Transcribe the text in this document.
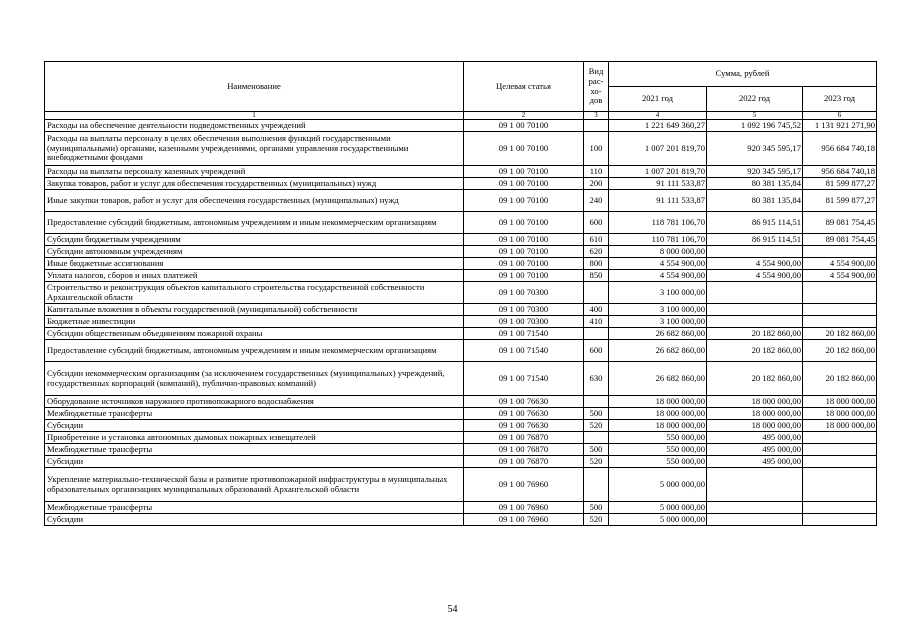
Наименование	Целевая статья	Вид рас- хо- дов	Сумма, рублей		
			2021 год	2022 год	2023 год
1	2	3	4	5	6
Расходы на обеспечение деятельности подведомственных учреждений	09 1 00 70100		1 221 649 360,27	1 092 196 745,52	1 131 921 271,90
Расходы на выплаты персоналу в целях обеспечения выполнения функций государственными (муниципальными) органами, казенными учреждениями, органами управления государственными внебюджетными фондами	09 1 00 70100	100	1 007 201 819,70	920 345 595,17	956 684 740,18
Расходы на выплаты персоналу казенных учреждений	09 1 00 70100	110	1 007 201 819,70	920 345 595,17	956 684 740,18
Закупка товаров, работ и услуг для обеспечения государственных (муниципальных) нужд	09 1 00 70100	200	91 111 533,87	80 381 135,84	81 599 877,27
Иные закупки товаров, работ и услуг для обеспечения государственных (муниципальных) нужд	09 1 00 70100	240	91 111 533,87	80 381 135,84	81 599 877,27
Предоставление субсидий бюджетным, автономным учреждениям и иным некоммерческим организациям	09 1 00 70100	600	118 781 106,70	86 915 114,51	89 081 754,45
Субсидии бюджетным учреждениям	09 1 00 70100	610	110 781 106,70	86 915 114,51	89 081 754,45
Субсидии автономным учреждениям	09 1 00 70100	620	8 000 000,00		
Иные бюджетные ассигнования	09 1 00 70100	800	4 554 900,00	4 554 900,00	4 554 900,00
Уплата налогов, сборов и иных платежей	09 1 00 70100	850	4 554 900,00	4 554 900,00	4 554 900,00
Строительство и реконструкция объектов капитального строительства государственной собственности Архангельской области	09 1 00 70300		3 100 000,00		
Капитальные вложения в объекты государственной (муниципальной) собственности	09 1 00 70300	400	3 100 000,00		
Бюджетные инвестиции	09 1 00 70300	410	3 100 000,00		
Субсидии общественным объединениям пожарной охраны	09 1 00 71540		26 682 860,00	20 182 860,00	20 182 860,00
Предоставление субсидий бюджетным, автономным учреждениям и иным некоммерческим организациям	09 1 00 71540	600	26 682 860,00	20 182 860,00	20 182 860,00
Субсидии некоммерческим организациям (за исключением государственных (муниципальных) учреждений, государственных корпораций (компаний), публично-правовых компаний)	09 1 00 71540	630	26 682 860,00	20 182 860,00	20 182 860,00
Оборудование источников наружного противопожарного водоснабжения	09 1 00 76630		18 000 000,00	18 000 000,00	18 000 000,00
Межбюджетные трансферты	09 1 00 76630	500	18 000 000,00	18 000 000,00	18 000 000,00
Субсидии	09 1 00 76630	520	18 000 000,00	18 000 000,00	18 000 000,00
Приобретение и установка автономных дымовых пожарных извещателей	09 1 00 76870		550 000,00	495 000,00	
Межбюджетные трансферты	09 1 00 76870	500	550 000,00	495 000,00	
Субсидии	09 1 00 76870	520	550 000,00	495 000,00	
Укрепление материально-технической базы и развитие противопожарной инфраструктуры в муниципальных образовательных организациях муниципальных образований Архангельской области	09 1 00 76960		5 000 000,00		
Межбюджетные трансферты	09 1 00 76960	500	5 000 000,00		
Субсидии	09 1 00 76960	520	5 000 000,00		
54
